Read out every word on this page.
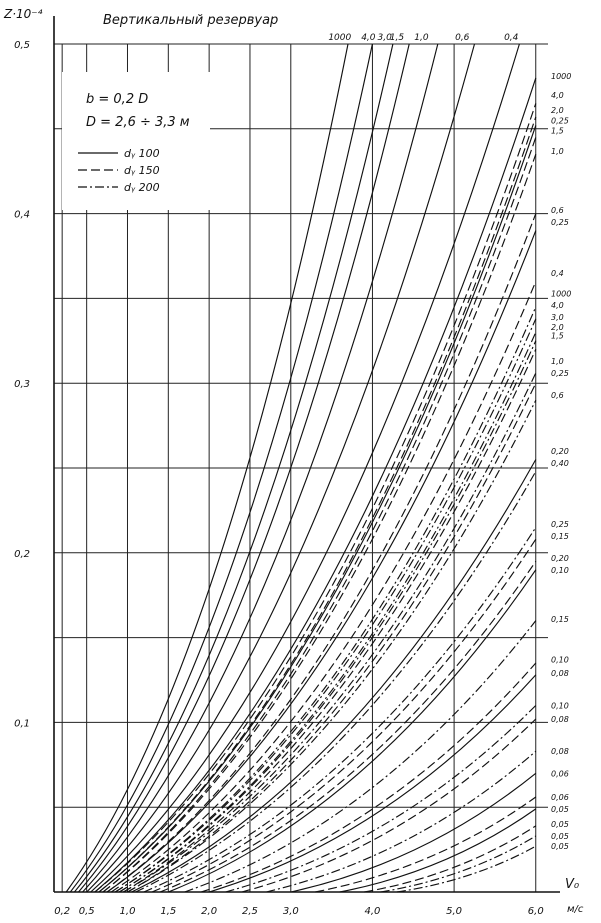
0,2 0,5 1,0 1,5 2,0 2,5 3,0	4,0	5,0	6,0
0,1
0,2
0,3
0,4
0,5
1000 4,0 3,0
1,5 1,0	0,6	0,4
1000
4,0
2,0
0,25
1,5
1,0
0,6
0,25
0,4
1000
4,0
3,0
2,0
1,5
1,0
0,25
0,6
0,20
0,40
0,25
0,15
0,20
0,10
0,15
0,10
0,08
0,10
0,08
0,08
0,06
0,06
0,05
0,05
0,05
0,05
Вертикальный резервуар
Z·10⁻⁴
V₀
м/с
b = 0,2 D
D = 2,6 ÷ 3,3 м
dᵧ 100
dᵧ 150
dᵧ 200
